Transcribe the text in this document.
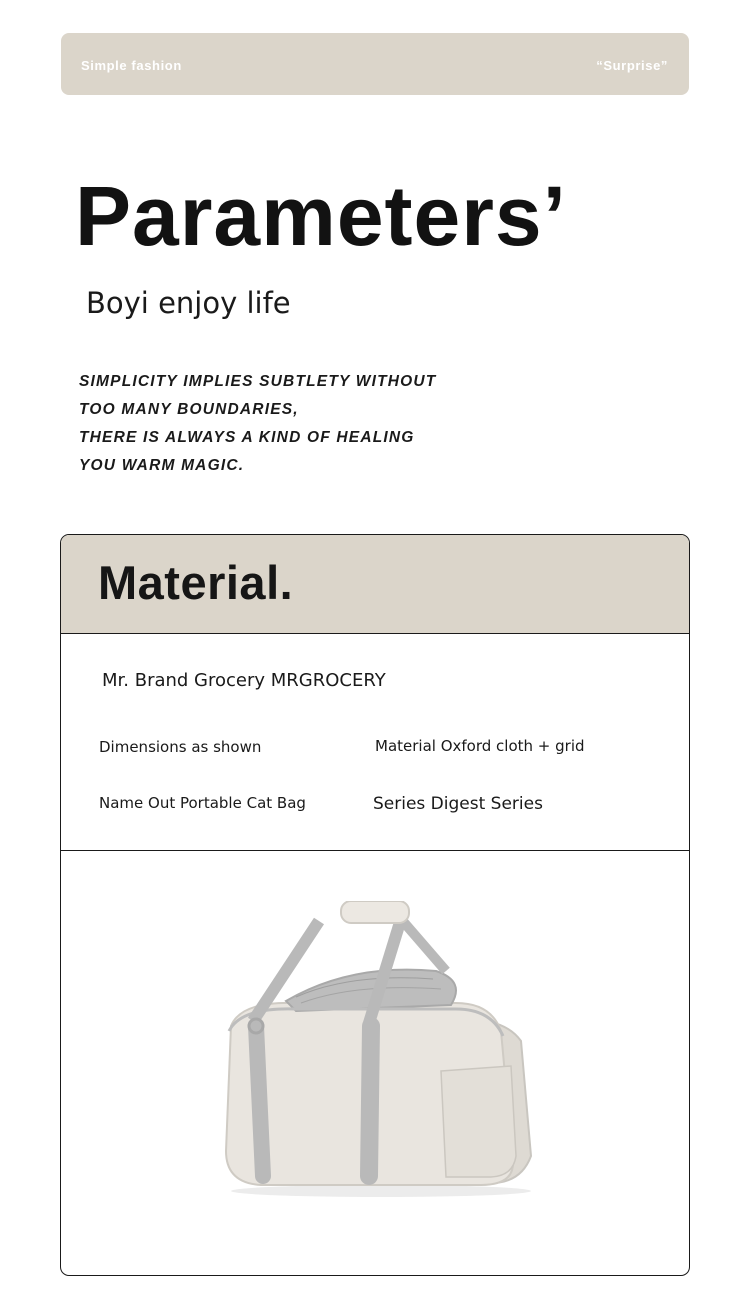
Simple fashion	“Surprise”
Parameters’
Boyi enjoy life
SIMPLICITY IMPLIES SUBTLETY WITHOUT
TOO MANY BOUNDARIES,
THERE IS ALWAYS A KIND OF HEALING
YOU WARM MAGIC.
Material.
Mr. Brand Grocery MRGROCERY
Dimensions as shown	Material Oxford cloth + grid
Name Out Portable Cat Bag	Series Digest Series
